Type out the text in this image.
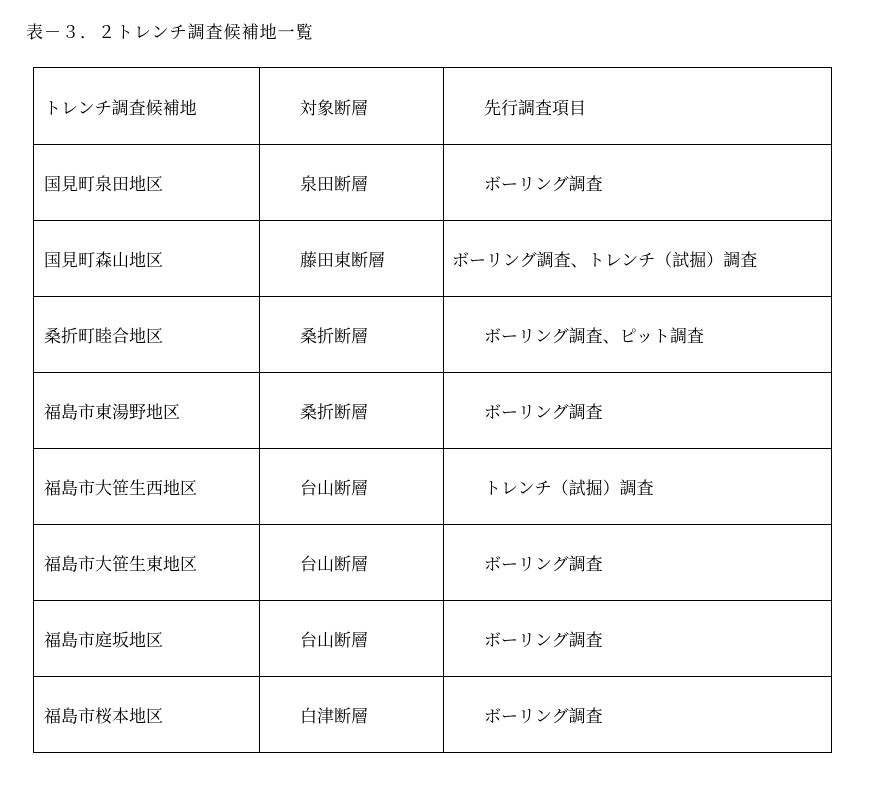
表－３．２トレンチ調査候補地一覧
トレンチ調査候補地	対象断層	先行調査項目
国見町泉田地区	泉田断層	ボーリング調査
国見町森山地区	藤田東断層	ボーリング調査、トレンチ（試掘）調査
桑折町睦合地区	桑折断層	ボーリング調査、ピット調査
福島市東湯野地区	桑折断層	ボーリング調査
福島市大笹生西地区	台山断層	トレンチ（試掘）調査
福島市大笹生東地区	台山断層	ボーリング調査
福島市庭坂地区	台山断層	ボーリング調査
福島市桜本地区	白津断層	ボーリング調査
